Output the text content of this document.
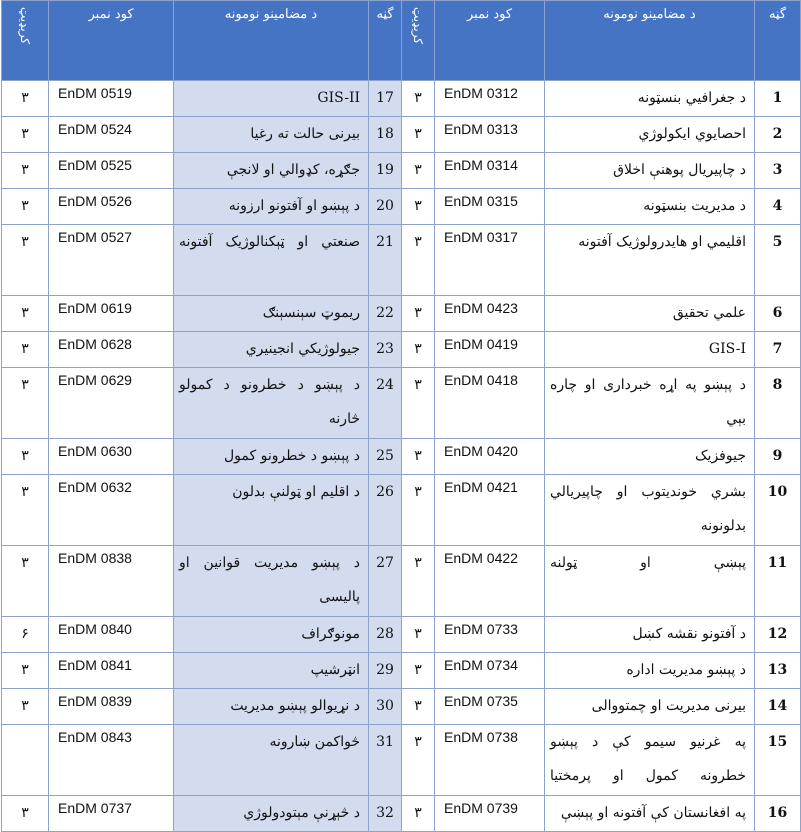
گڼه	د مضامینو نومونه	کود نمبر	کریډیټ	گڼه	د مضامینو نومونه	کود نمبر	کریډیټ
1	د جغرافیي بنسټونه	EnDM 0312	۳	17	GIS-II	EnDM 0519	۳
2	احصایوي ایکولوژي	EnDM 0313	۳	18	بیرنی حالت ته رغیا	EnDM 0524	۳
3	د چاپیریال پوهنې اخلاق	EnDM 0314	۳	19	جګړه، کډوالي او لانجې	EnDM 0525	۳
4	د مدیریت بنسټونه	EnDM 0315	۳	20	د پېښو او آفتونو ارزونه	EnDM 0526	۳
5	اقلیمي او هایدرولوژیک آفتونه	EnDM 0317	۳	21	صنعتي او ټېکنالوژیک آفتونه	EnDM 0527	۳
6	علمي تحقیق	EnDM 0423	۳	22	ریموټ سېنسېنګ	EnDM 0619	۳
7	GIS-I	EnDM 0419	۳	23	جیولوژیکي انجینیري	EnDM 0628	۳
8	د پېښو په اړه خبرداری او چاره بېي	EnDM 0418	۳	24	د پېښو د خطرونو د کمولو څارنه	EnDM 0629	۳
9	جیوفزیک	EnDM 0420	۳	25	د پېښو د خطرونو کمول	EnDM 0630	۳
10	بشري خوندیتوب او چاپیریالي بدلونونه	EnDM 0421	۳	26	د اقلیم او ټولنې بدلون	EnDM 0632	۳
11	پېښې او ټولنه	EnDM 0422	۳	27	د پېښو مدیریت قوانین او پالیسی	EnDM 0838	۳
12	د آفتونو نقشه کښل	EnDM 0733	۳	28	مونوګراف	EnDM 0840	۶
13	د پېښو مدیریت اداره	EnDM 0734	۳	29	انټرشیپ	EnDM 0841	۳
14	بیرنی مدیریت او چمتووالی	EnDM 0735	۳	30	د نړیوالو پېښو مدیریت	EnDM 0839	۳
15	په غرنیو سیمو کې د پېښو خطرونه کمول او پرمختیا	EnDM 0738	۳	31	څواکمن ښارونه	EnDM 0843	
16	په افغانستان کې آفتونه او پېښې	EnDM 0739	۳	32	د څېړنې مېتودولوژي	EnDM 0737	۳
